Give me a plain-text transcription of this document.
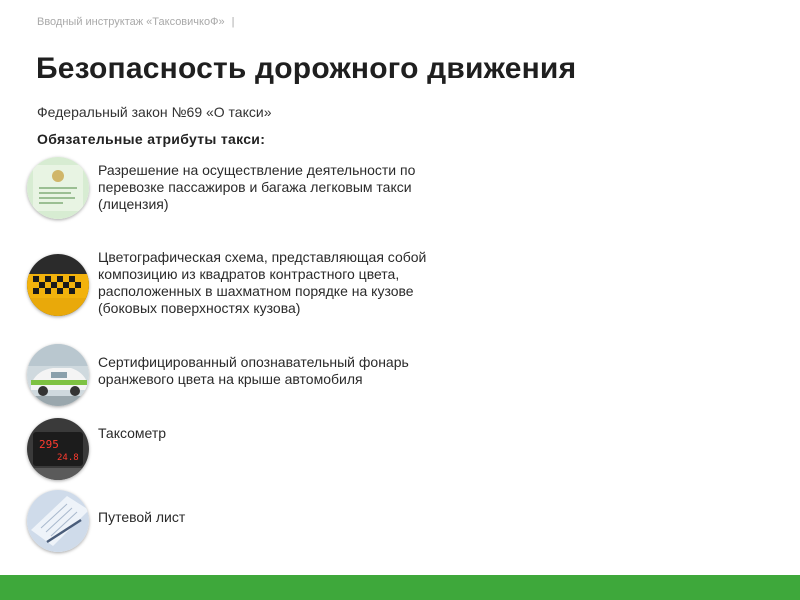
Вводный инструктаж «ТаксовичкоФ» |
Безопасность дорожного движения
Федеральный закон №69 «О такси»
Обязательные атрибуты такси:
Разрешение на осуществление деятельности по перевозке пассажиров и багажа легковым такси (лицензия)
Цветографическая схема, представляющая собой композицию из квадратов контрастного цвета, расположенных в шахматном порядке на кузове (боковых поверхностях кузова)
Сертифицированный опознавательный фонарь оранжевого цвета на крыше автомобиля
295
24.8
Таксометр
Путевой лист
